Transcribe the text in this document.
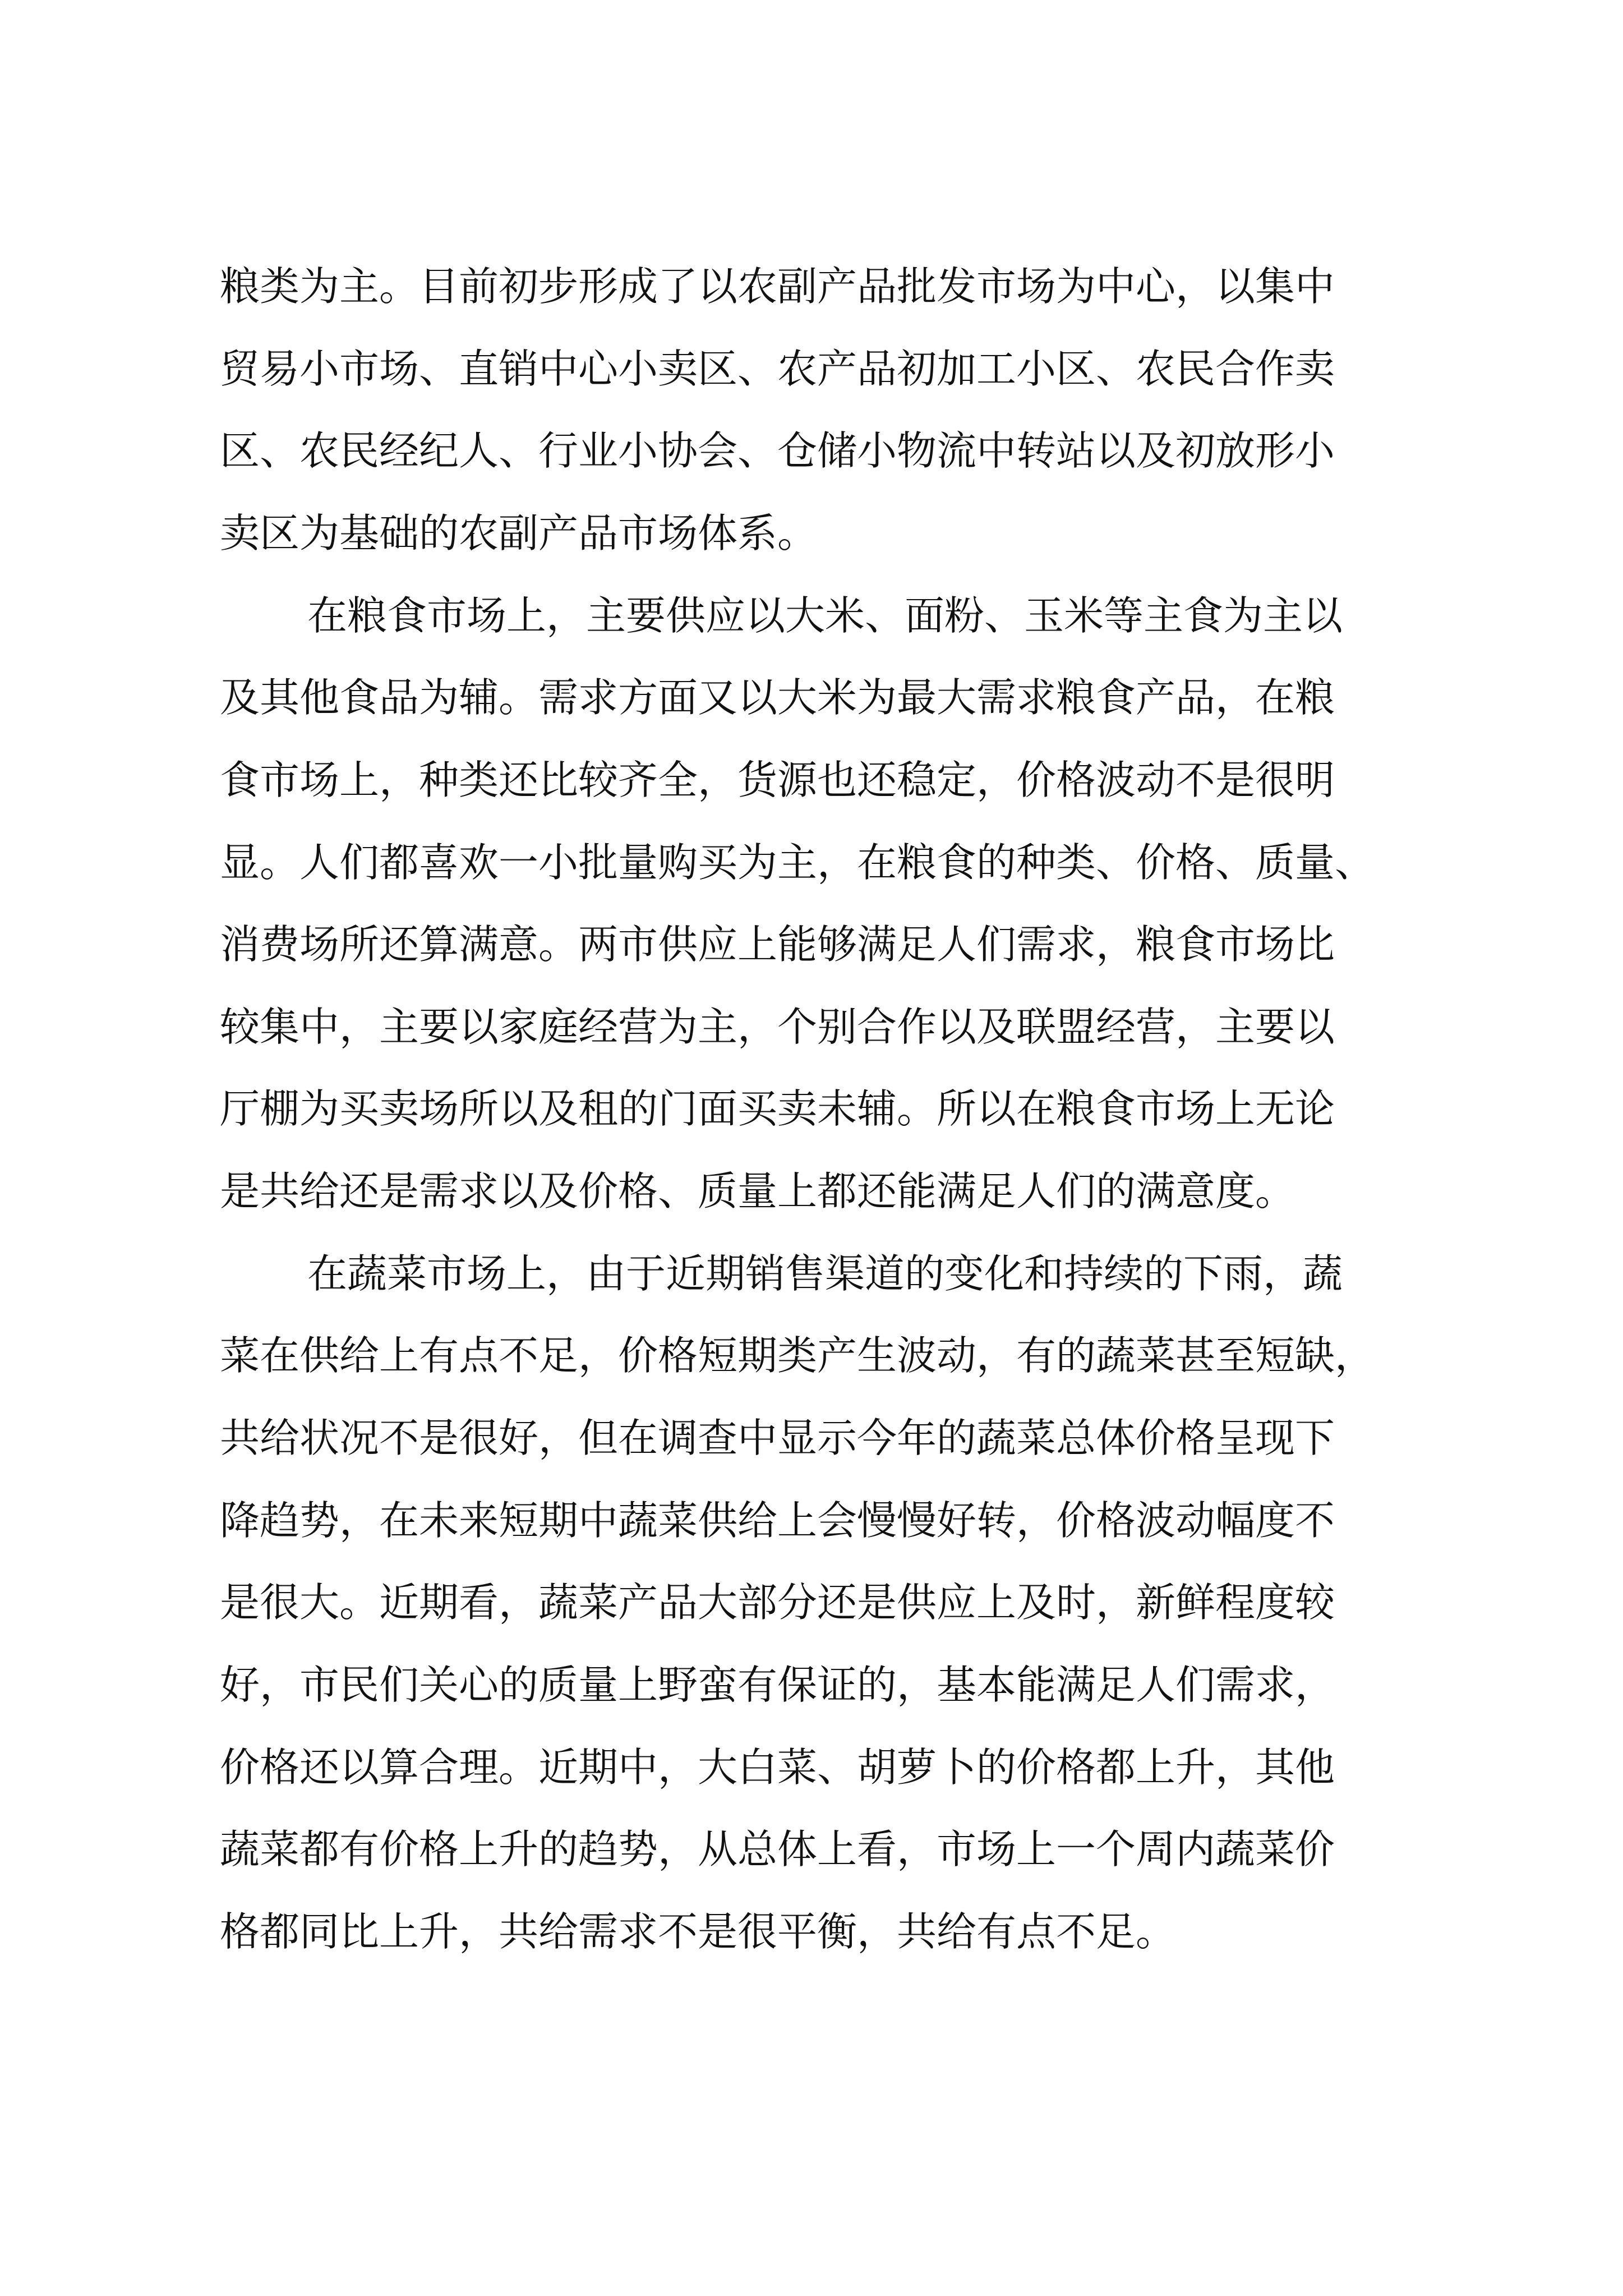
粮类为主。目前初步形成了以农副产品批发市场为中心，以集中

贸易小市场、直销中心小卖区、农产品初加工小区、农民合作卖

区、农民经纪人、行业小协会、仓储小物流中转站以及初放形小

卖区为基础的农副产品市场体系。

在粮食市场上，主要供应以大米、面粉、玉米等主食为主以

及其他食品为辅。需求方面又以大米为最大需求粮食产品，在粮

食市场上，种类还比较齐全，货源也还稳定，价格波动不是很明

显。人们都喜欢一小批量购买为主，在粮食的种类、价格、质量、

消费场所还算满意。两市供应上能够满足人们需求，粮食市场比

较集中，主要以家庭经营为主，个别合作以及联盟经营，主要以

厅棚为买卖场所以及租的门面买卖未辅。所以在粮食市场上无论

是共给还是需求以及价格、质量上都还能满足人们的满意度。

在蔬菜市场上，由于近期销售渠道的变化和持续的下雨，蔬

菜在供给上有点不足，价格短期类产生波动，有的蔬菜甚至短缺，

共给状况不是很好，但在调查中显示今年的蔬菜总体价格呈现下

降趋势，在未来短期中蔬菜供给上会慢慢好转，价格波动幅度不

是很大。近期看，蔬菜产品大部分还是供应上及时，新鲜程度较

好，市民们关心的质量上野蛮有保证的，基本能满足人们需求，

价格还以算合理。近期中，大白菜、胡萝卜的价格都上升，其他

蔬菜都有价格上升的趋势，从总体上看，市场上一个周内蔬菜价

格都同比上升，共给需求不是很平衡，共给有点不足。
